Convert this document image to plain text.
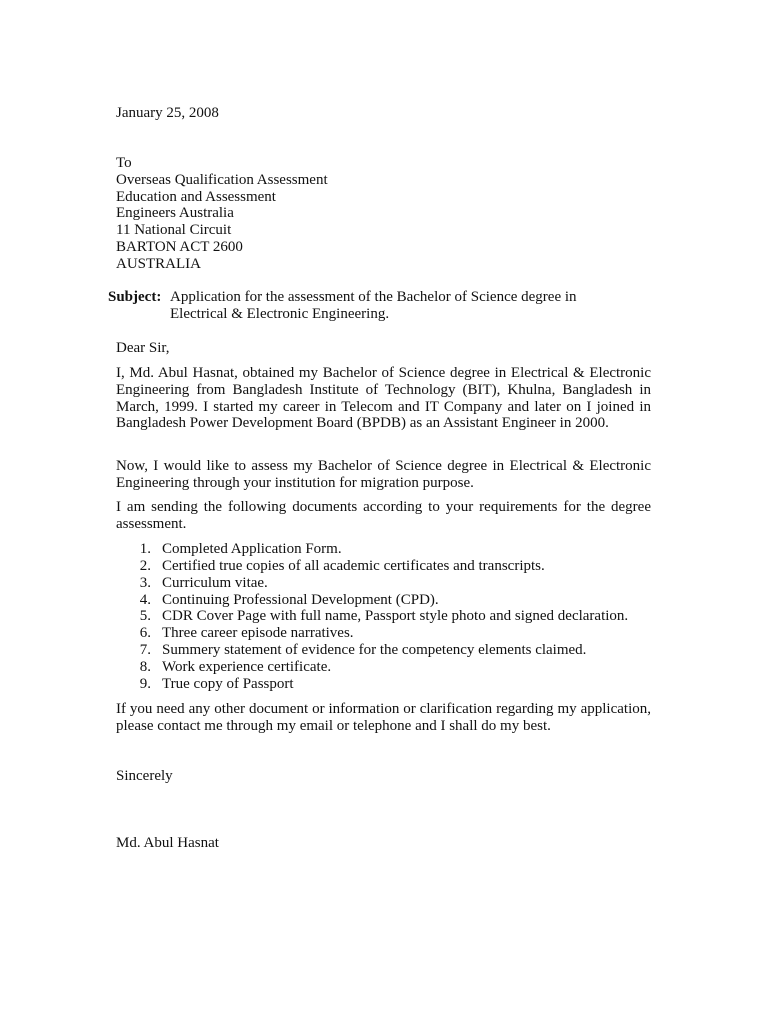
January 25, 2008
To
Overseas Qualification Assessment
Education and Assessment
Engineers Australia
11 National Circuit
BARTON ACT 2600
AUSTRALIA
Subject: Application for the assessment of the Bachelor of Science degree in Electrical & Electronic Engineering.
Dear Sir,
I, Md. Abul Hasnat, obtained my Bachelor of Science degree in Electrical & Electronic Engineering from Bangladesh Institute of Technology (BIT), Khulna, Bangladesh in March, 1999. I started my career in Telecom and IT Company and later on I joined in Bangladesh Power Development Board (BPDB) as an Assistant Engineer in 2000.
Now, I would like to assess my Bachelor of Science degree in Electrical & Electronic Engineering through your institution for migration purpose.
I am sending the following documents according to your requirements for the degree assessment.
1. Completed Application Form.
2. Certified true copies of all academic certificates and transcripts.
3. Curriculum vitae.
4. Continuing Professional Development (CPD).
5. CDR Cover Page with full name, Passport style photo and signed declaration.
6. Three career episode narratives.
7. Summery statement of evidence for the competency elements claimed.
8. Work experience certificate.
9. True copy of Passport
If you need any other document or information or clarification regarding my application, please contact me through my email or telephone and I shall do my best.
Sincerely
Md. Abul Hasnat
